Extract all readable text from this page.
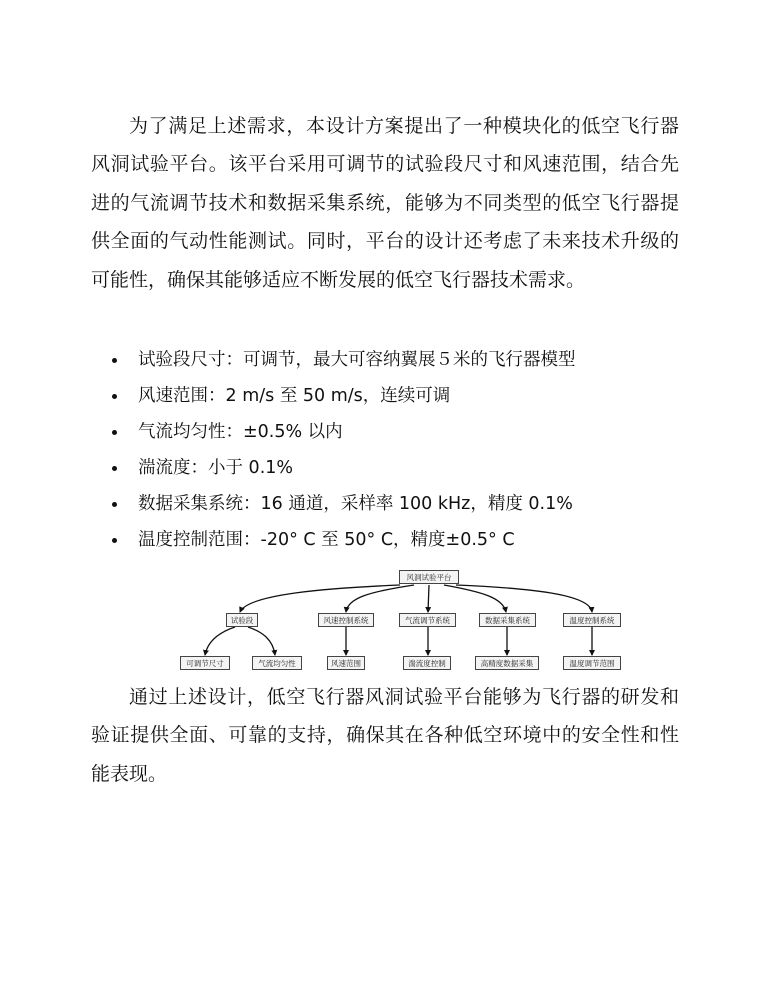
为了满足上述需求，本设计方案提出了一种模块化的低空飞行器风洞试验平台。该平台采用可调节的试验段尺寸和风速范围，结合先进的气流调节技术和数据采集系统，能够为不同类型的低空飞行器提供全面的气动性能测试。同时，平台的设计还考虑了未来技术升级的可能性，确保其能够适应不断发展的低空飞行器技术需求。

试验段尺寸：可调节，最大可容纳翼展５米的飞行器模型
风速范围：2 m/s 至 50 m/s，连续可调
气流均匀性：±0.5% 以内
湍流度：小于 0.1%
数据采集系统：16 通道，采样率 100 kHz，精度 0.1%
温度控制范围：-20° C 至 50° C，精度±0.5° C
风洞试验平台
试验段	风速控制系统	气流调节系统	数据采集系统	温度控制系统
可调节尺寸	气流均匀性	风速范围	湍流度控制	高精度数据采集	温度调节范围

通过上述设计，低空飞行器风洞试验平台能够为飞行器的研发和验证提供全面、可靠的支持，确保其在各种低空环境中的安全性和性能表现。
